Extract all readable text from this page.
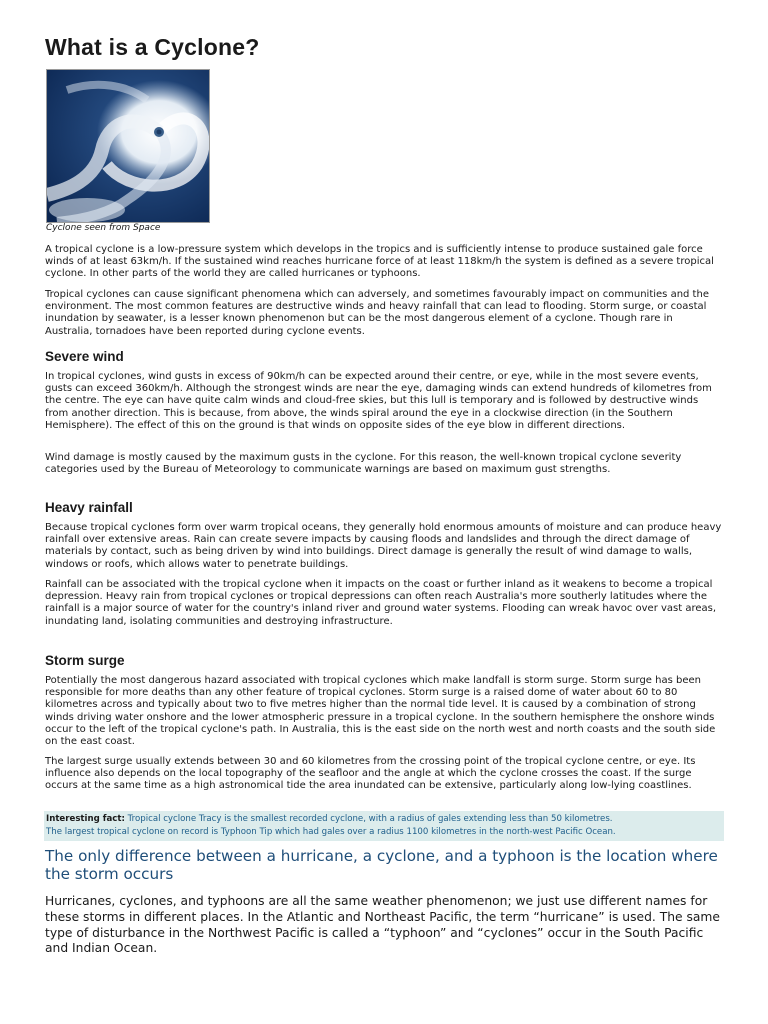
What is a Cyclone?

Cyclone seen from Space

A tropical cyclone is a low-pressure system which develops in the tropics and is sufficiently intense to produce sustained gale force winds of at least 63km/h. If the sustained wind reaches hurricane force of at least 118km/h the system is defined as a severe tropical cyclone. In other parts of the world they are called hurricanes or typhoons.

Tropical cyclones can cause significant phenomena which can adversely, and sometimes favourably impact on communities and the environment. The most common features are destructive winds and heavy rainfall that can lead to flooding. Storm surge, or coastal inundation by seawater, is a lesser known phenomenon but can be the most dangerous element of a cyclone. Though rare in Australia, tornadoes have been reported during cyclone events.

Severe wind

In tropical cyclones, wind gusts in excess of 90km/h can be expected around their centre, or eye, while in the most severe events, gusts can exceed 360km/h. Although the strongest winds are near the eye, damaging winds can extend hundreds of kilometres from the centre. The eye can have quite calm winds and cloud-free skies, but this lull is temporary and is followed by destructive winds from another direction. This is because, from above, the winds spiral around the eye in a clockwise direction (in the Southern Hemisphere). The effect of this on the ground is that winds on opposite sides of the eye blow in different directions.

Wind damage is mostly caused by the maximum gusts in the cyclone. For this reason, the well-known tropical cyclone severity categories used by the Bureau of Meteorology to communicate warnings are based on maximum gust strengths.

Heavy rainfall

Because tropical cyclones form over warm tropical oceans, they generally hold enormous amounts of moisture and can produce heavy rainfall over extensive areas. Rain can create severe impacts by causing floods and landslides and through the direct damage of materials by contact, such as being driven by wind into buildings. Direct damage is generally the result of wind damage to walls, windows or roofs, which allows water to penetrate buildings.

Rainfall can be associated with the tropical cyclone when it impacts on the coast or further inland as it weakens to become a tropical depression. Heavy rain from tropical cyclones or tropical depressions can often reach Australia's more southerly latitudes where the rainfall is a major source of water for the country's inland river and ground water systems. Flooding can wreak havoc over vast areas, inundating land, isolating communities and destroying infrastructure.

Storm surge

Potentially the most dangerous hazard associated with tropical cyclones which make landfall is storm surge. Storm surge has been responsible for more deaths than any other feature of tropical cyclones. Storm surge is a raised dome of water about 60 to 80 kilometres across and typically about two to five metres higher than the normal tide level. It is caused by a combination of strong winds driving water onshore and the lower atmospheric pressure in a tropical cyclone. In the southern hemisphere the onshore winds occur to the left of the tropical cyclone's path. In Australia, this is the east side on the north west and north coasts and the south side on the east coast.

The largest surge usually extends between 30 and 60 kilometres from the crossing point of the tropical cyclone centre, or eye. Its influence also depends on the local topography of the seafloor and the angle at which the cyclone crosses the coast. If the surge occurs at the same time as a high astronomical tide the area inundated can be extensive, particularly along low-lying coastlines.

Interesting fact: Tropical cyclone Tracy is the smallest recorded cyclone, with a radius of gales extending less than 50 kilometres.
The largest tropical cyclone on record is Typhoon Tip which had gales over a radius 1100 kilometres in the north-west Pacific Ocean.
The only difference between a hurricane, a cyclone, and a typhoon is the location where the storm occurs

Hurricanes, cyclones, and typhoons are all the same weather phenomenon; we just use different names for these storms in different places. In the Atlantic and Northeast Pacific, the term “hurricane” is used. The same type of disturbance in the Northwest Pacific is called a “typhoon” and “cyclones” occur in the South Pacific and Indian Ocean.
